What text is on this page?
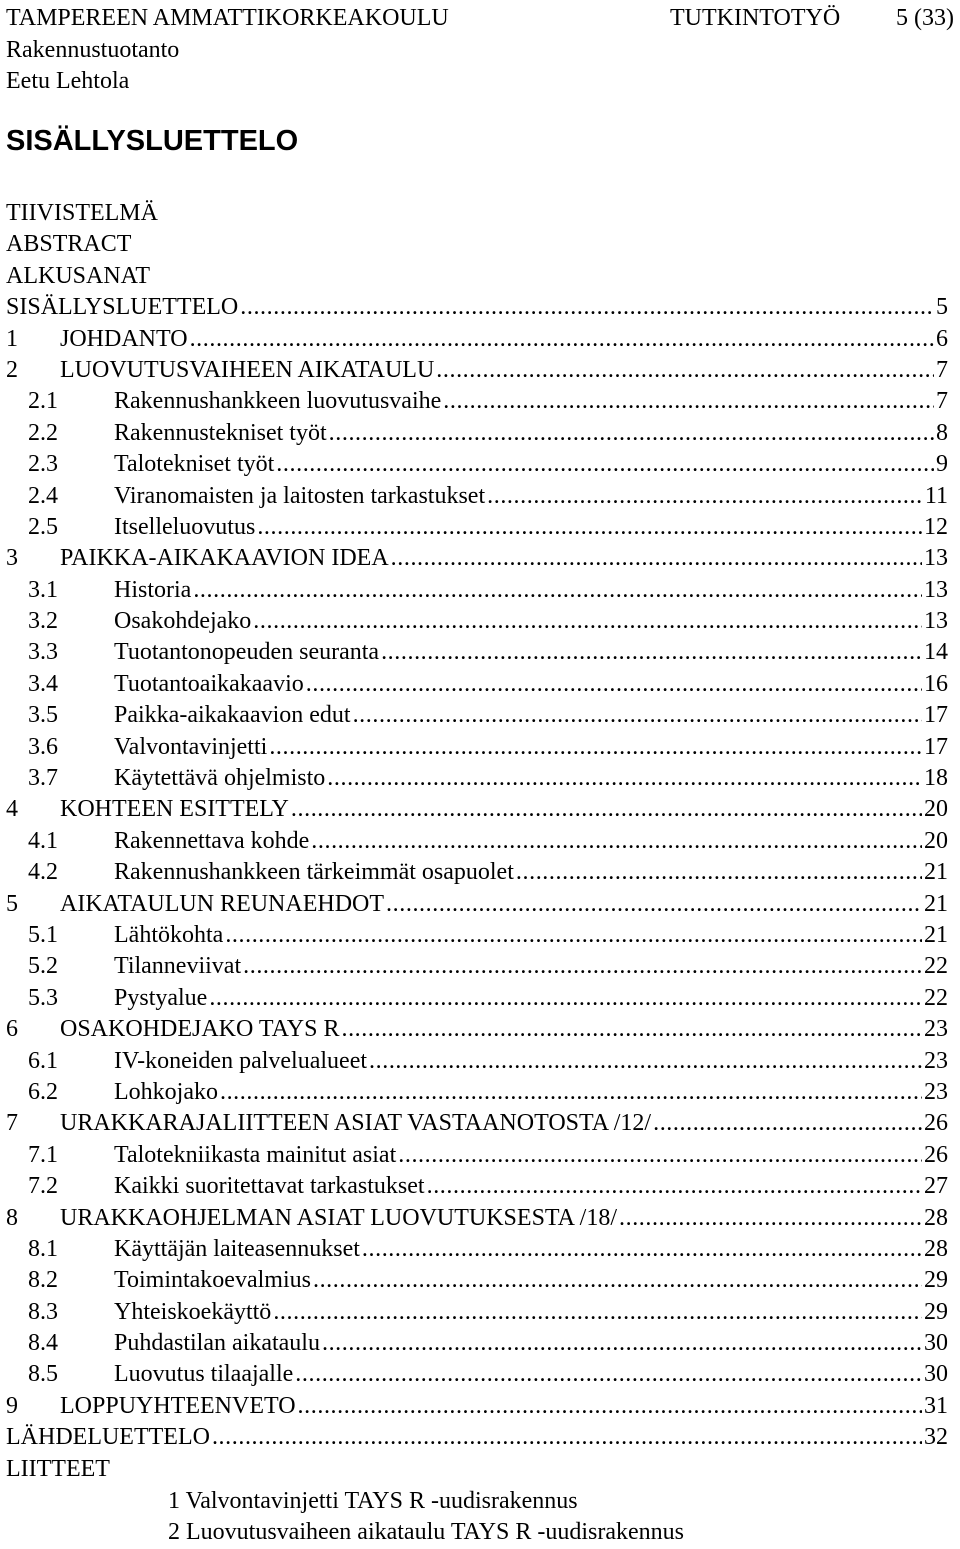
TAMPEREEN AMMATTIKORKEAKOULU	TUTKINTOTYÖ 5 (33)
Rakennustuotanto
Eetu Lehtola
SISÄLLYSLUETTELO
TIIVISTELMÄ
ABSTRACT
ALKUSANAT
SISÄLLYSLUETTELO .....	5
1	JOHDANTO .....	6
2	LUOVUTUSVAIHEEN AIKATAULU .....	7
2.1	Rakennushankkeen luovutusvaihe .....	7
2.2	Rakennustekniset työt .....	8
2.3	Talotekniset työt .....	9
2.4	Viranomaisten ja laitosten tarkastukset .....	11
2.5	Itselleluovutus .....	12
3	PAIKKA-AIKAKAAVION IDEA .....	13
3.1	Historia .....	13
3.2	Osakohdejako .....	13
3.3	Tuotantonopeuden seuranta .....	14
3.4	Tuotantoaikakaavio .....	16
3.5	Paikka-aikakaavion edut .....	17
3.6	Valvontavinjetti .....	17
3.7	Käytettävä ohjelmisto .....	18
4	KOHTEEN ESITTELY .....	20
4.1	Rakennettava kohde .....	20
4.2	Rakennushankkeen tärkeimmät osapuolet .....	21
5	AIKATAULUN REUNAEHDOT .....	21
5.1	Lähtökohta .....	21
5.2	Tilanneviivat .....	22
5.3	Pystyalue .....	22
6	OSAKOHDEJAKO TAYS R .....	23
6.1	IV-koneiden palvelualueet .....	23
6.2	Lohkojako .....	23
7	URAKKARAJALIITTEEN ASIAT VASTAANOTOSTA /12/ .....	26
7.1	Talotekniikasta mainitut asiat .....	26
7.2	Kaikki suoritettavat tarkastukset .....	27
8	URAKKAOHJELMAN ASIAT LUOVUTUKSESTA /18/ .....	28
8.1	Käyttäjän laiteasennukset .....	28
8.2	Toimintakoevalmius .....	29
8.3	Yhteiskoekäyttö .....	29
8.4	Puhdastilan aikataulu .....	30
8.5	Luovutus tilaajalle .....	30
9	LOPPUYHTEENVETO .....	31
LÄHDELUETTELO .....	32
LIITTEET
1 Valvontavinjetti TAYS R -uudisrakennus
2 Luovutusvaiheen aikataulu TAYS R -uudisrakennus
